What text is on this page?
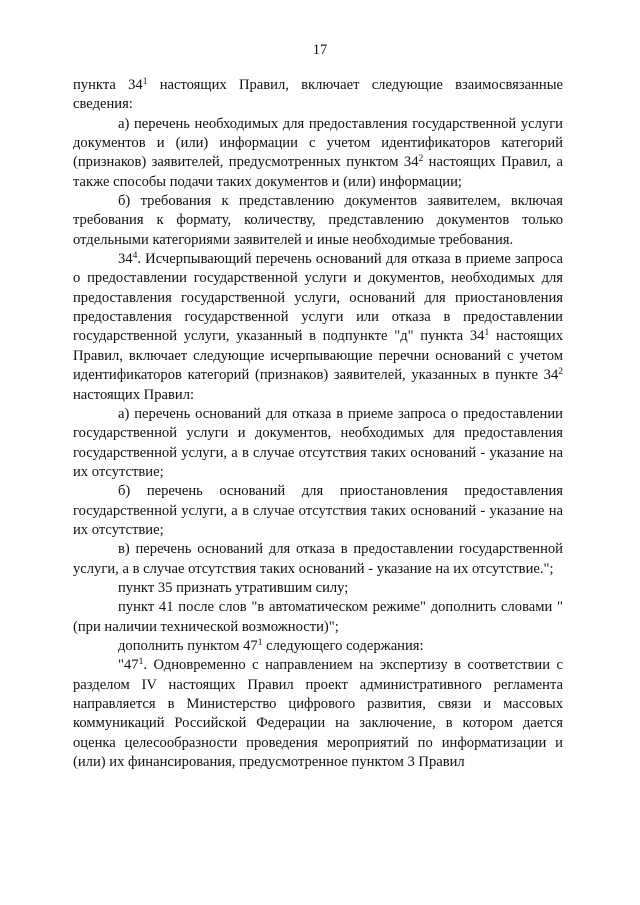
17

пункта $34^1$ настоящих Правил, включает следующие взаимосвязанные сведения:

а) перечень необходимых для предоставления государственной услуги документов и (или) информации с учетом идентификаторов категорий (признаков) заявителей, предусмотренных пунктом $34^2$ настоящих Правил, а также способы подачи таких документов и (или) информации;

б) требования к представлению документов заявителем, включая требования к формату, количеству, представлению документов только отдельными категориями заявителей и иные необходимые требования.

$34^4$. Исчерпывающий перечень оснований для отказа в приеме запроса о предоставлении государственной услуги и документов, необходимых для предоставления государственной услуги, оснований для приостановления предоставления государственной услуги или отказа в предоставлении государственной услуги, указанный в подпункте "д" пункта $34^1$ настоящих Правил, включает следующие исчерпывающие перечни оснований с учетом идентификаторов категорий (признаков) заявителей, указанных в пункте $34^2$ настоящих Правил:

а) перечень оснований для отказа в приеме запроса о предоставлении государственной услуги и документов, необходимых для предоставления государственной услуги, а в случае отсутствия таких оснований - указание на их отсутствие;

б) перечень оснований для приостановления предоставления государственной услуги, а в случае отсутствия таких оснований - указание на их отсутствие;

в) перечень оснований для отказа в предоставлении государственной услуги, а в случае отсутствия таких оснований - указание на их отсутствие.";

пункт 35 признать утратившим силу;

пункт 41 после слов "в автоматическом режиме" дополнить словами "(при наличии технической возможности)";

дополнить пунктом $47^1$ следующего содержания:

"$47^1$. Одновременно с направлением на экспертизу в соответствии с разделом IV настоящих Правил проект административного регламента направляется в Министерство цифрового развития, связи и массовых коммуникаций Российской Федерации на заключение, в котором дается оценка целесообразности проведения мероприятий по информатизации и (или) их финансирования, предусмотренное пунктом 3 Правил
